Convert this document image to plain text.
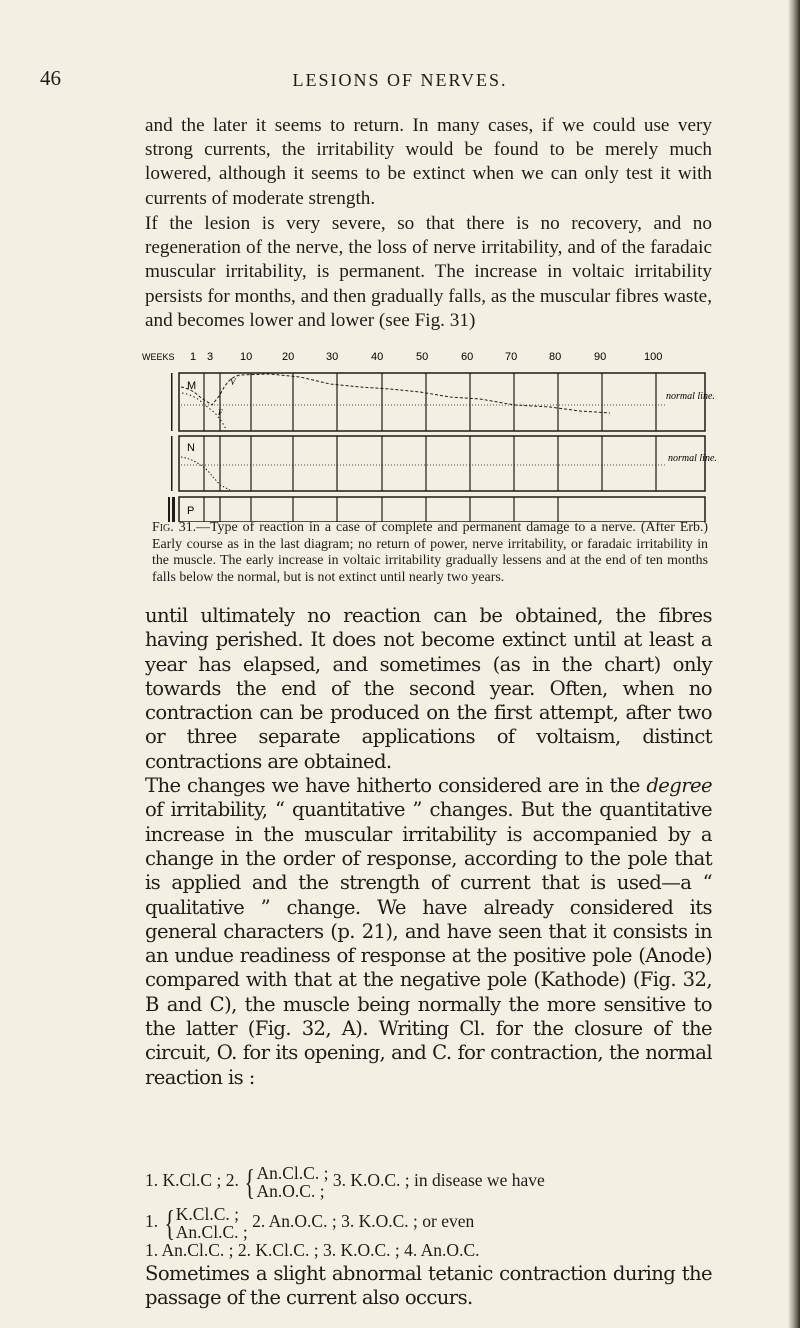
46	LESIONS OF NERVES.

and the later it seems to return. In many cases, if we could use very strong currents, the irritability would be found to be merely much lowered, although it seems to be extinct when we can only test it with currents of moderate strength.

If the lesion is very severe, so that there is no recovery, and no regeneration of the nerve, the loss of nerve irritability, and of the faradaic muscular irritability, is permanent. The increase in voltaic irritability persists for months, and then gradually falls, as the muscular fibres waste, and becomes lower and lower (see Fig. 31)

WEEKS 1 3 10	20	30	40	50	60	70	80	90	100
M
N
P
V
F
normal line.
normal line.

Fig. 31.—Type of reaction in a case of complete and permanent damage to a nerve. (After Erb.) Early course as in the last diagram; no return of power, nerve irritability, or faradaic irritability in the muscle. The early increase in voltaic irritability gradually lessens and at the end of ten months falls below the normal, but is not extinct until nearly two years.

until ultimately no reaction can be obtained, the fibres having perished. It does not become extinct until at least a year has elapsed, and sometimes (as in the chart) only towards the end of the second year. Often, when no contraction can be produced on the first attempt, after two or three separate applications of voltaism, distinct contractions are obtained.

The changes we have hitherto considered are in the degree of irritability, “ quantitative ” changes. But the quantitative increase in the muscular irritability is accompanied by a change in the order of response, according to the pole that is applied and the strength of current that is used—a “ qualitative ” change. We have already considered its general characters (p. 21), and have seen that it consists in an undue readiness of response at the positive pole (Anode) compared with that at the negative pole (Kathode) (Fig. 32, B and C), the muscle being normally the more sensitive to the latter (Fig. 32, A). Writing Cl. for the closure of the circuit, O. for its opening, and C. for contraction, the normal reaction is :

1. K.Cl.C ; 2. {An.Cl.C. ;
An.O.C. ; 3. K.O.C. ; in disease we have
1. {K.Cl.C. ;
An.Cl.C. ; 2. An.O.C. ; 3. K.O.C. ; or even
1. An.Cl.C. ; 2. K.Cl.C. ; 3. K.O.C. ; 4. An.O.C.

Sometimes a slight abnormal tetanic contraction during the passage of the current also occurs.
